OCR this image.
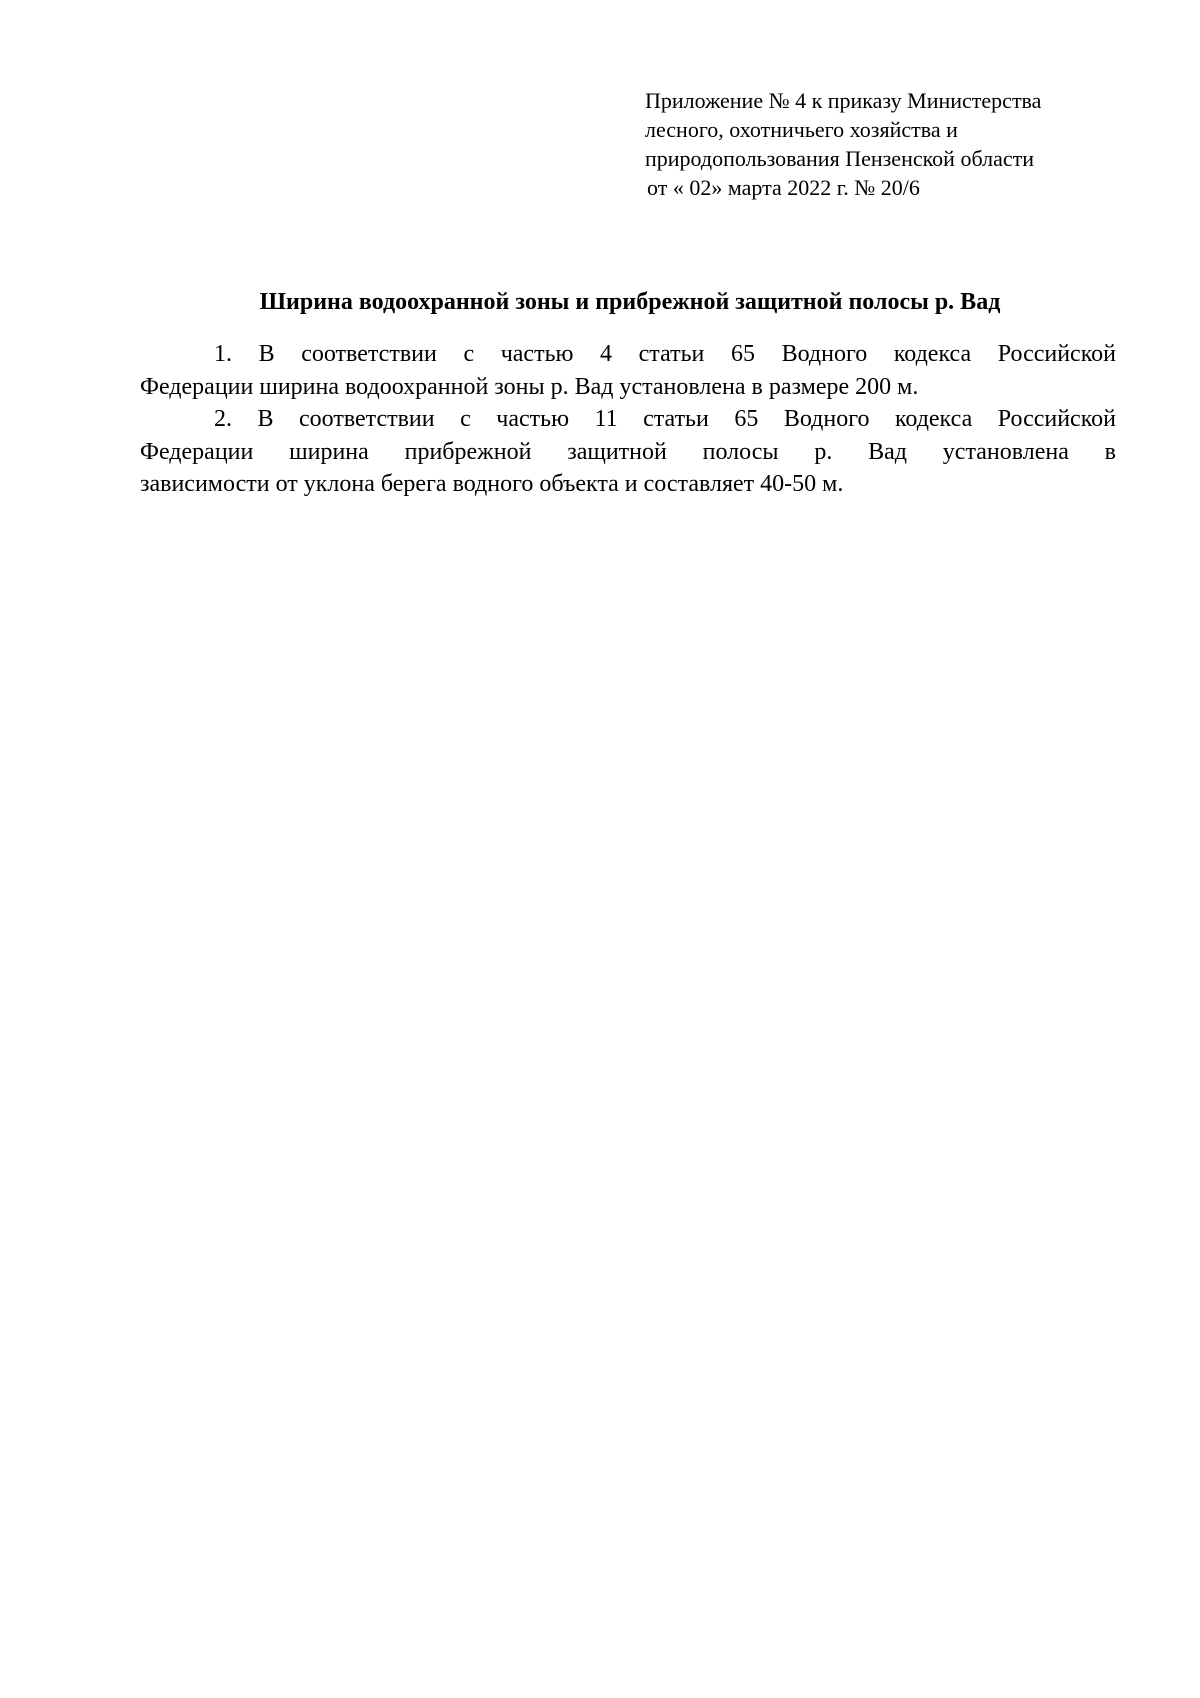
Приложение № 4 к приказу Министерства
лесного, охотничьего хозяйства и
природопользования Пензенской области
от « 02» марта 2022 г. № 20/6
Ширина водоохранной зоны и прибрежной защитной полосы р. Вад

1. В соответствии с частью 4 статьи 65 Водного кодекса Российской
Федерации ширина водоохранной зоны р. Вад установлена в размере 200 м.

2. В соответствии с частью 11 статьи 65 Водного кодекса Российской
Федерации ширина прибрежной защитной полосы р. Вад установлена в
зависимости от уклона берега водного объекта и составляет 40-50 м.
